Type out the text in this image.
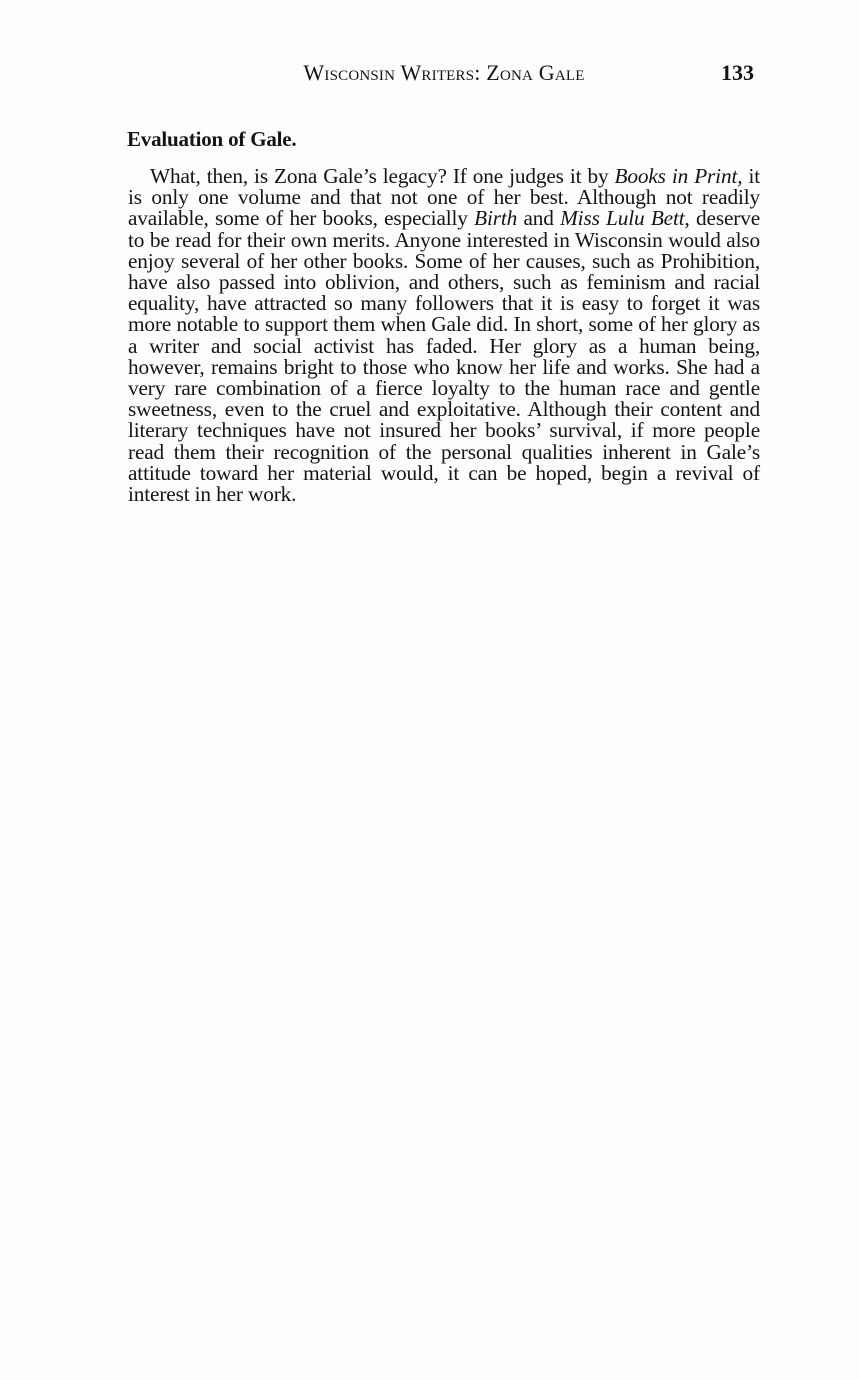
Wisconsin Writers: Zona Gale	133
Evaluation of Gale.

What, then, is Zona Gale’s legacy? If one judges it by Books in Print, it is only one volume and that not one of her best. Although not readily available, some of her books, especially Birth and Miss Lulu Bett, deserve to be read for their own merits. Anyone interested in Wisconsin would also enjoy several of her other books. Some of her causes, such as Prohibition, have also passed into oblivion, and others, such as feminism and racial equality, have attracted so many followers that it is easy to forget it was more notable to support them when Gale did. In short, some of her glory as a writer and social activist has faded. Her glory as a human being, however, remains bright to those who know her life and works. She had a very rare combination of a fierce loyalty to the human race and gentle sweetness, even to the cruel and exploitative. Although their content and literary techniques have not insured her books’ survival, if more people read them their recognition of the personal qualities inherent in Gale’s attitude toward her material would, it can be hoped, begin a revival of interest in her work.
